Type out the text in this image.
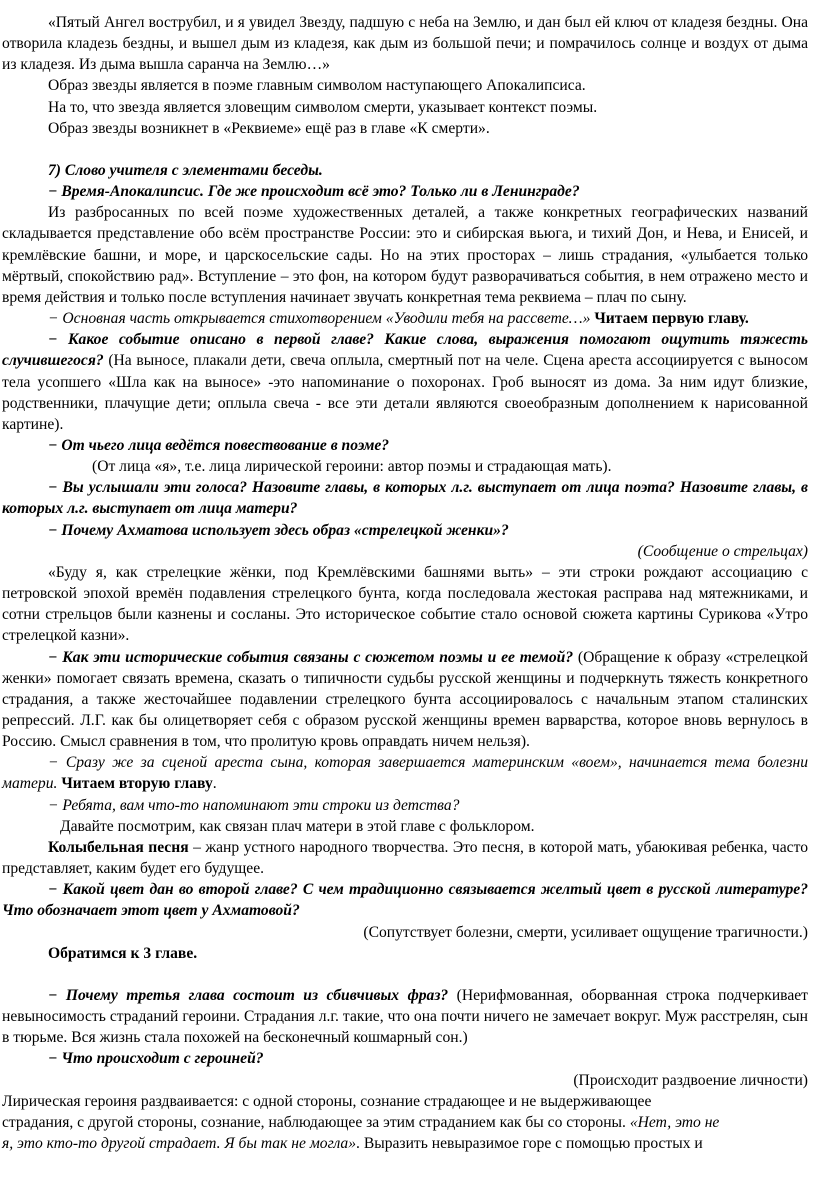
«Пятый Ангел вострубил, и я увидел Звезду, падшую с неба на Землю, и дан был ей ключ от кладезя бездны. Она отворила кладезь бездны, и вышел дым из кладезя, как дым из большой печи; и помрачилось солнце и воздух от дыма из кладезя. Из дыма вышла саранча на Землю…»

Образ звезды является в поэме главным символом наступающего Апокалипсиса.

На то, что звезда является зловещим символом смерти, указывает контекст поэмы.

Образ звезды возникнет в «Реквиеме» ещё раз в главе «К смерти».

7) Слово учителя с элементами беседы.

− Время-Апокалипсис. Где же происходит всё это? Только ли в Ленинграде?

Из разбросанных по всей поэме художественных деталей, а также конкретных географических названий складывается представление обо всём пространстве России: это и сибирская вьюга, и тихий Дон, и Нева, и Енисей, и кремлёвские башни, и море, и царскосельские сады. Но на этих просторах – лишь страдания, «улыбается только мёртвый, спокойствию рад». Вступление – это фон, на котором будут разворачиваться события, в нем отражено место и время действия и только после вступления начинает звучать конкретная тема реквиема – плач по сыну.

− Основная часть открывается стихотворением «Уводили тебя на рассвете…» Читаем первую главу.

− Какое событие описано в первой главе? Какие слова, выражения помогают ощутить тяжесть случившегося? (На выносе, плакали дети, свеча оплыла, смертный пот на челе. Сцена ареста ассоциируется с выносом тела усопшего «Шла как на выносе» -это напоминание о похоронах. Гроб выносят из дома. За ним идут близкие, родственники, плачущие дети; оплыла свеча - все эти детали являются своеобразным дополнением к нарисованной картине).

− От чьего лица ведётся повествование в поэме?

(От лица «я», т.е. лица лирической героини: автор поэмы и страдающая мать).

− Вы услышали эти голоса? Назовите главы, в которых л.г. выступает от лица поэта? Назовите главы, в которых л.г. выступает от лица матери?

− Почему Ахматова использует здесь образ «стрелецкой женки»?

(Сообщение о стрельцах)

«Буду я, как стрелецкие жёнки, под Кремлёвскими башнями выть» – эти строки рождают ассоциацию с петровской эпохой времён подавления стрелецкого бунта, когда последовала жестокая расправа над мятежниками, и сотни стрельцов были казнены и сосланы. Это историческое событие стало основой сюжета картины Сурикова «Утро стрелецкой казни».

− Как эти исторические события связаны с сюжетом поэмы и ее темой? (Обращение к образу «стрелецкой женки» помогает связать времена, сказать о типичности судьбы русской женщины и подчеркнуть тяжесть конкретного страдания, а также жесточайшее подавлении стрелецкого бунта ассоциировалось с начальным этапом сталинских репрессий. Л.Г. как бы олицетворяет себя с образом русской женщины времен варварства, которое вновь вернулось в Россию. Смысл сравнения в том, что пролитую кровь оправдать ничем нельзя).

− Сразу же за сценой ареста сына, которая завершается материнским «воем», начинается тема болезни матери. Читаем вторую главу.

− Ребята, вам что-то напоминают эти строки из детства?

Давайте посмотрим, как связан плач матери в этой главе с фольклором.

Колыбельная песня – жанр устного народного творчества. Это песня, в которой мать, убаюкивая ребенка, часто представляет, каким будет его будущее.

− Какой цвет дан во второй главе? С чем традиционно связывается желтый цвет в русской литературе? Что обозначает этот цвет у Ахматовой?

(Сопутствует болезни, смерти, усиливает ощущение трагичности.)

Обратимся к 3 главе.

− Почему третья глава состоит из сбивчивых фраз? (Нерифмованная, оборванная строка подчеркивает невыносимость страданий героини. Страдания л.г. такие, что она почти ничего не замечает вокруг. Муж расстрелян, сын в тюрьме. Вся жизнь стала похожей на бесконечный кошмарный сон.)

− Что происходит с героиней?

(Происходит раздвоение личности)

Лирическая героиня раздваивается: с одной стороны, сознание страдающее и не выдерживающее

страдания, с другой стороны, сознание, наблюдающее за этим страданием как бы со стороны. «Нет, это не

я, это кто-то другой страдает. Я бы так не могла». Выразить невыразимое горе с помощью простых и
